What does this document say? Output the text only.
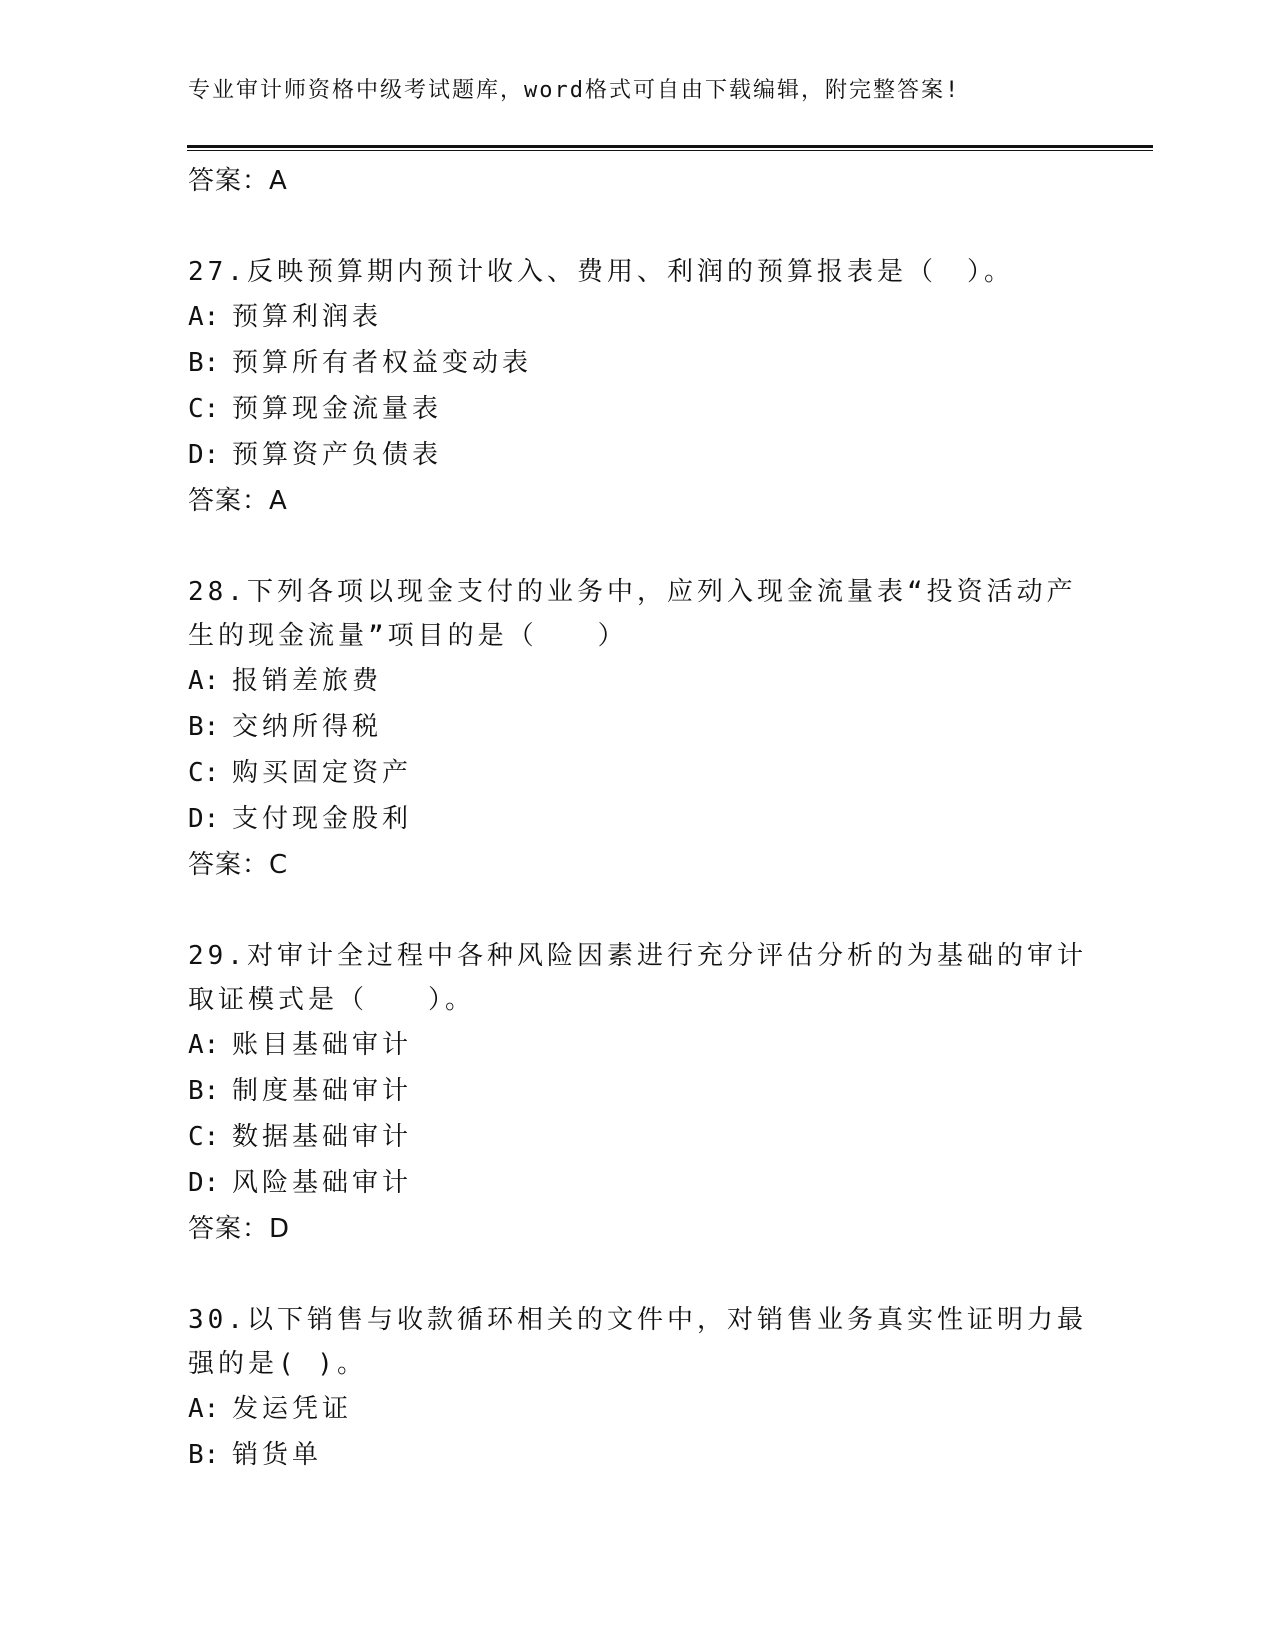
专业审计师资格中级考试题库，word格式可自由下载编辑，附完整答案!
答案：A

27.反映预算期内预计收入、费用、利润的预算报表是（　）。

A: 预算利润表
B: 预算所有者权益变动表
C: 预算现金流量表
D: 预算资产负债表
答案：A

28.下列各项以现金支付的业务中，应列入现金流量表“投资活动产生的现金流量”项目的是（　　）

A: 报销差旅费
B: 交纳所得税
C: 购买固定资产
D: 支付现金股利
答案：C

29.对审计全过程中各种风险因素进行充分评估分析的为基础的审计取证模式是（　　）。

A: 账目基础审计
B: 制度基础审计
C: 数据基础审计
D: 风险基础审计
答案：D

30.以下销售与收款循环相关的文件中，对销售业务真实性证明力最强的是( )。

A: 发运凭证
B: 销货单
